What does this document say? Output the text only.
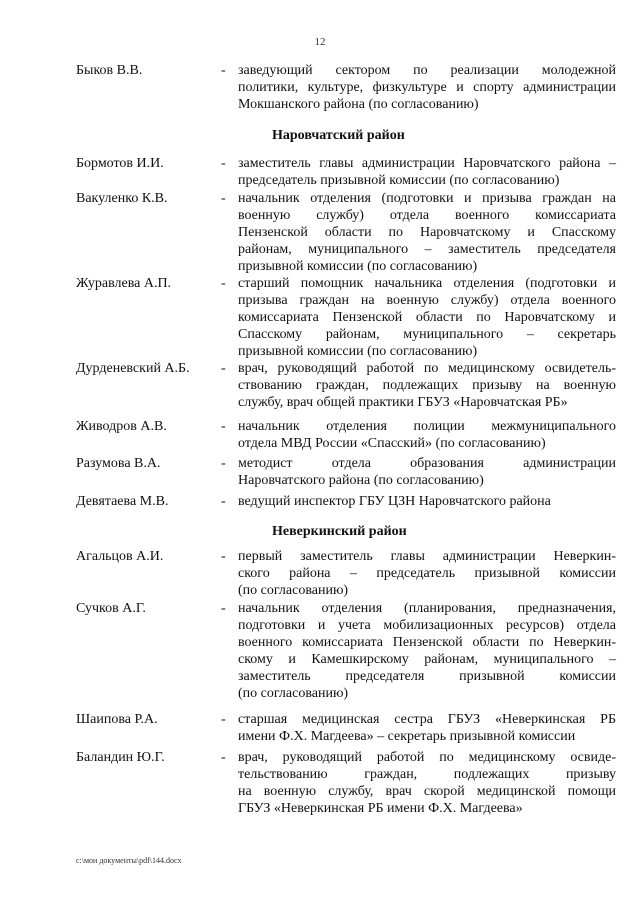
12
Быков В.В.	- заведующий сектором по реализации молодежной
политики, культуре, физкультуре и спорту администрации
Мокшанского района (по согласованию)
Наровчатский район
Бормотов И.И.	- заместитель главы администрации Наровчатского района –
председатель призывной комиссии (по согласованию)
Вакуленко К.В.	- начальник отделения (подготовки и призыва граждан на
военную службу) отдела военного комиссариата
Пензенской области по Наровчатскому и Спасскому
районам, муниципального – заместитель председателя
призывной комиссии (по согласованию)
Журавлева А.П.	- старший помощник начальника отделения (подготовки и
призыва граждан на военную службу) отдела военного
комиссариата Пензенской области по Наровчатскому и
Спасскому районам, муниципального – секретарь
призывной комиссии (по согласованию)
Дурденевский А.Б. - врач, руководящий работой по медицинскому освидетель-
ствованию граждан, подлежащих призыву на военную
службу, врач общей практики ГБУЗ «Наровчатская РБ»
Живодров А.В.	- начальник отделения полиции межмуниципального
отдела МВД России «Спасский» (по согласованию)
Разумова В.А.	- методист отдела образования администрации
Наровчатского района (по согласованию)
Девятаева М.В.	- ведущий инспектор ГБУ ЦЗН Наровчатского района
Неверкинский район
Агальцов А.И.	- первый заместитель главы администрации Неверкин-
ского района – председатель призывной комиссии
(по согласованию)
Сучков А.Г.	- начальник отделения (планирования, предназначения,
подготовки и учета мобилизационных ресурсов) отдела
военного комиссариата Пензенской области по Неверкин-
скому и Камешкирскому районам, муниципального –
заместитель председателя призывной комиссии
(по согласованию)
Шаипова Р.А.	- старшая медицинская сестра ГБУЗ «Неверкинская РБ
имени Ф.Х. Магдеева» – секретарь призывной комиссии
Баландин Ю.Г.	- врач, руководящий работой по медицинскому освиде-
тельствованию граждан, подлежащих призыву
на военную службу, врач скорой медицинской помощи
ГБУЗ «Неверкинская РБ имени Ф.Х. Магдеева»
c:\мои документы\pdf\144.docx
